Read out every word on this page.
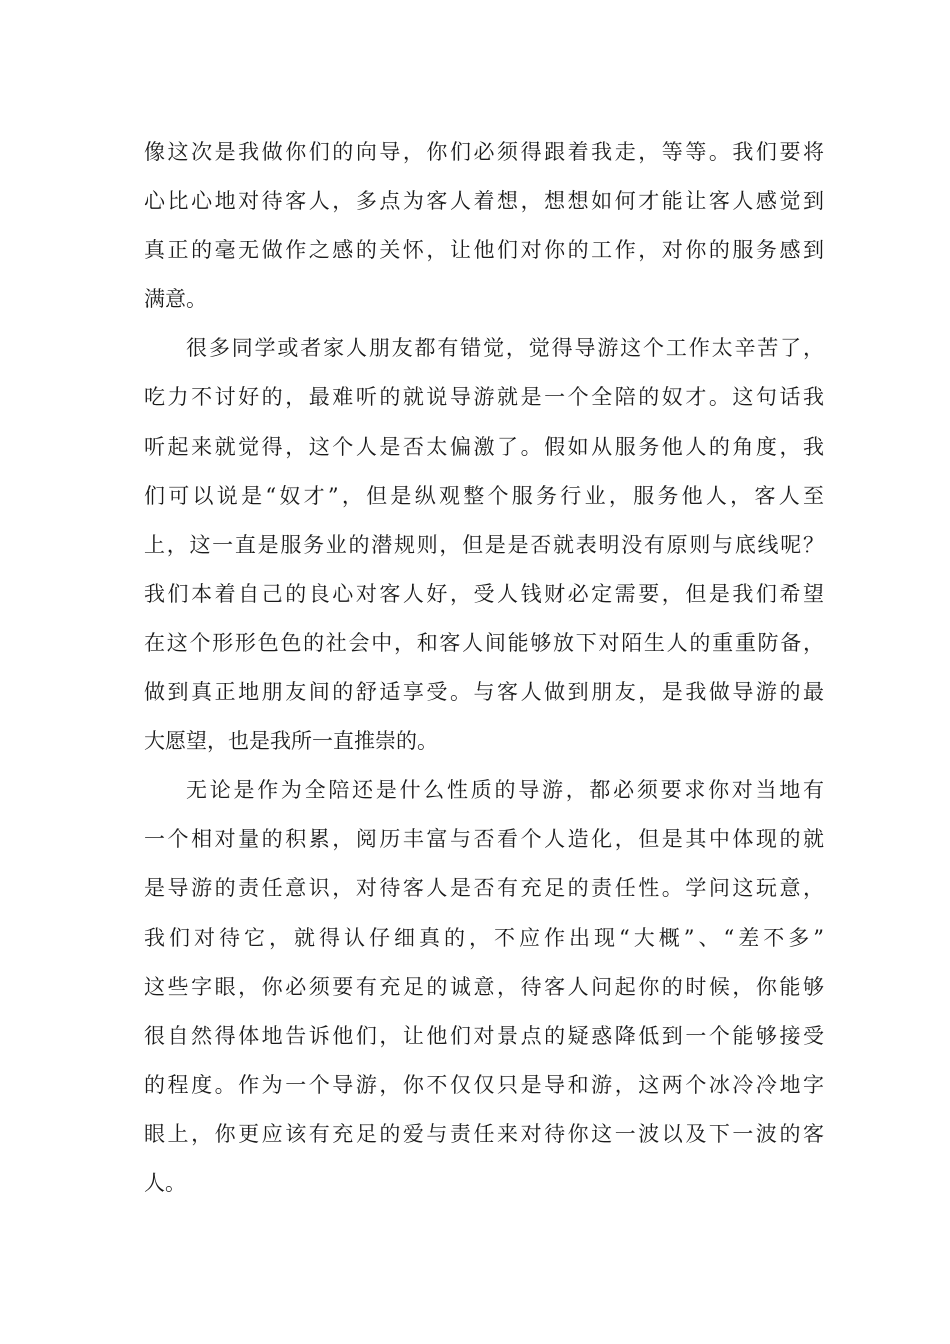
像这次是我做你们的向导，你们必须得跟着我走，等等。我们要将
心比心地对待客人，多点为客人着想，想想如何才能让客人感觉到
真正的毫无做作之感的关怀，让他们对你的工作，对你的服务感到
满意。
很多同学或者家人朋友都有错觉，觉得导游这个工作太辛苦了，
吃力不讨好的，最难听的就说导游就是一个全陪的奴才。这句话我
听起来就觉得，这个人是否太偏激了。假如从服务他人的角度，我
们可以说是“奴才”，但是纵观整个服务行业，服务他人，客人至
上，这一直是服务业的潜规则，但是是否就表明没有原则与底线呢？
我们本着自己的良心对客人好，受人钱财必定需要，但是我们希望
在这个形形色色的社会中，和客人间能够放下对陌生人的重重防备，
做到真正地朋友间的舒适享受。与客人做到朋友，是我做导游的最
大愿望，也是我所一直推崇的。
无论是作为全陪还是什么性质的导游，都必须要求你对当地有
一个相对量的积累，阅历丰富与否看个人造化，但是其中体现的就
是导游的责任意识，对待客人是否有充足的责任性。学问这玩意，
我们对待它，就得认仔细真的，不应作出现“大概”、“差不多”
这些字眼，你必须要有充足的诚意，待客人问起你的时候，你能够
很自然得体地告诉他们，让他们对景点的疑惑降低到一个能够接受
的程度。作为一个导游，你不仅仅只是导和游，这两个冰冷冷地字
眼上，你更应该有充足的爱与责任来对待你这一波以及下一波的客
人。
